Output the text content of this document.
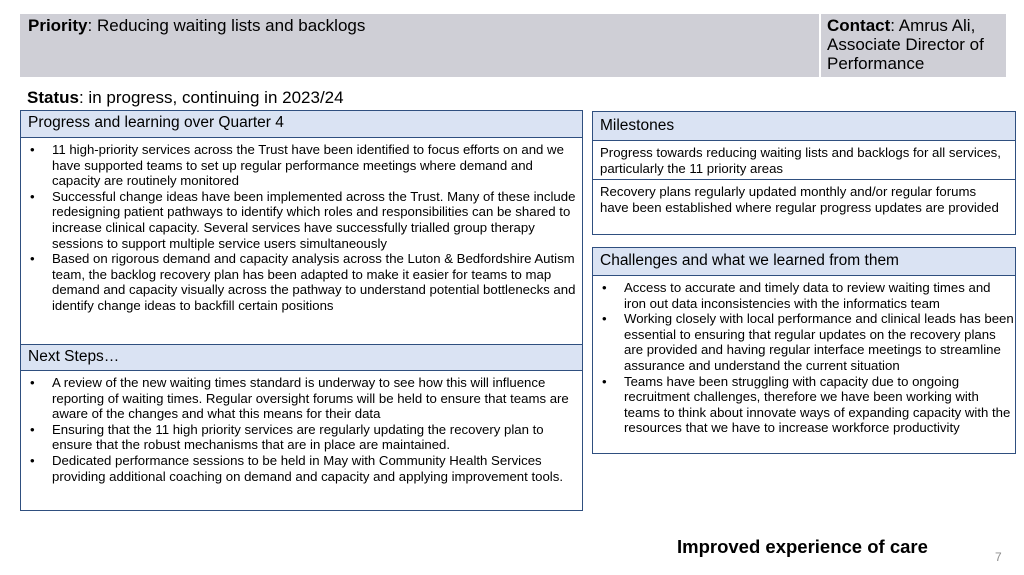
Priority: Reducing waiting lists and backlogs	Contact: Amrus Ali, Associate Director of Performance
Status: in progress, continuing in 2023/24
Progress and learning over Quarter 4
• 11 high-priority services across the Trust have been identified to focus efforts on and we have supported teams to set up regular performance meetings where demand and capacity are routinely monitored
• Successful change ideas have been implemented across the Trust. Many of these include redesigning patient pathways to identify which roles and responsibilities can be shared to increase clinical capacity. Several services have successfully trialled group therapy sessions to support multiple service users simultaneously
• Based on rigorous demand and capacity analysis across the Luton & Bedfordshire Autism team, the backlog recovery plan has been adapted to make it easier for teams to map demand and capacity visually across the pathway to understand potential bottlenecks and identify change ideas to backfill certain positions
Next Steps…
• A review of the new waiting times standard is underway to see how this will influence reporting of waiting times. Regular oversight forums will be held to ensure that teams are aware of the changes and what this means for their data
• Ensuring that the 11 high priority services are regularly updating the recovery plan to ensure that the robust mechanisms that are in place are maintained.
• Dedicated performance sessions to be held in May with Community Health Services providing additional coaching on demand and capacity and applying improvement tools.
Milestones
Progress towards reducing waiting lists and backlogs for all services, particularly the 11 priority areas
Recovery plans regularly updated monthly and/or regular forums have been established where regular progress updates are provided
Challenges and what we learned from them
• Access to accurate and timely data to review waiting times and iron out data inconsistencies with the informatics team
• Working closely with local performance and clinical leads has been essential to ensuring that regular updates on the recovery plans are provided and having regular interface meetings to streamline assurance and understand the current situation
• Teams have been struggling with capacity due to ongoing recruitment challenges, therefore we have been working with teams to think about innovate ways of expanding capacity with the resources that we have to increase workforce productivity
Improved experience of care	7
